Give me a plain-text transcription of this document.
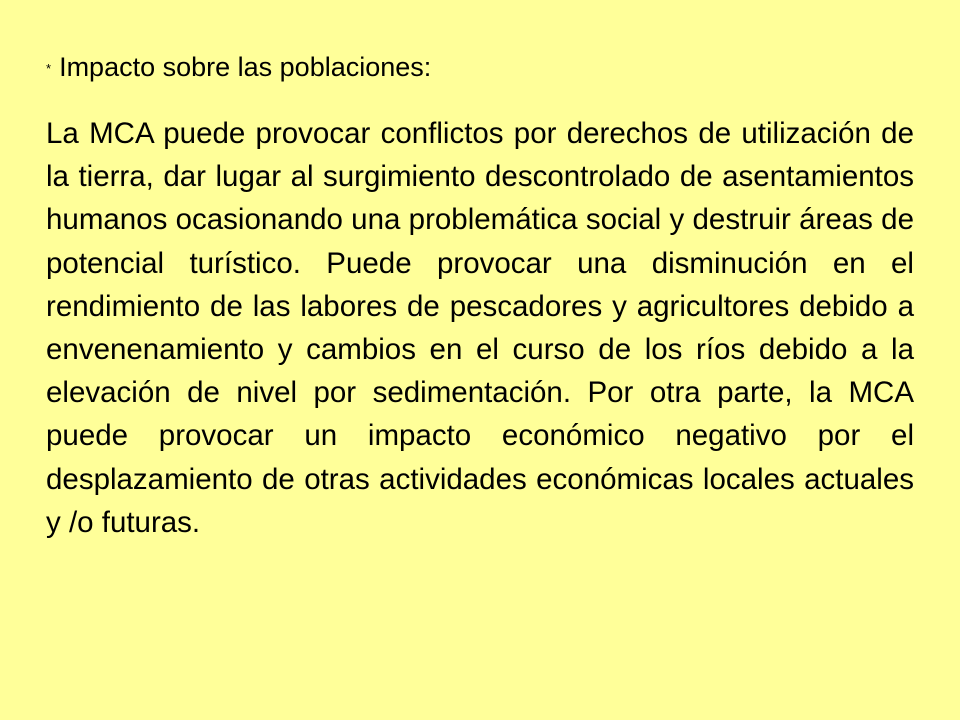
* Impacto sobre las poblaciones:

La MCA puede provocar conflictos por derechos de utilización de la tierra, dar lugar al surgimiento descontrolado de asentamientos humanos ocasionando una problemática social y destruir áreas de potencial turístico. Puede provocar una disminución en el rendimiento de las labores de pescadores y agricultores debido a envenenamiento y cambios en el curso de los ríos debido a la elevación de nivel por sedimentación. Por otra parte, la MCA puede provocar un impacto económico negativo por el desplazamiento de otras actividades económicas locales actuales y /o futuras.
